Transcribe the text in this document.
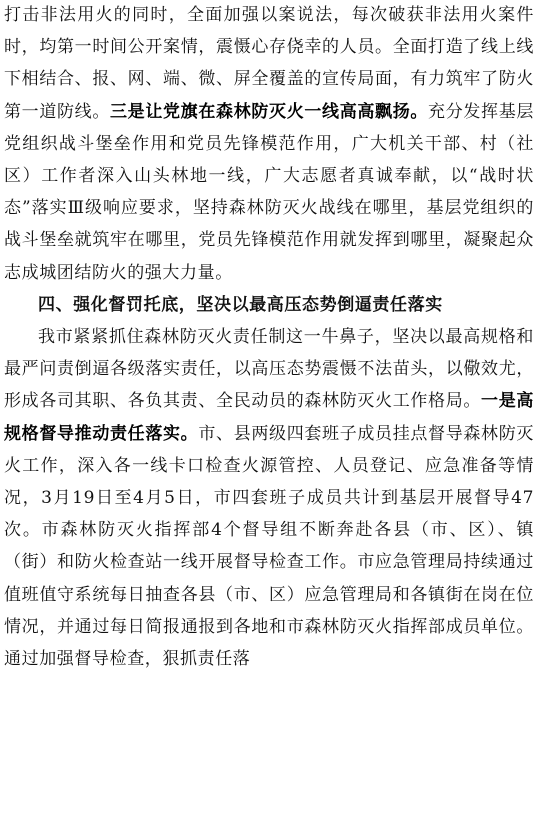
打击非法用火的同时，全面加强以案说法，每次破获非法用火案件时，均第一时间公开案情，震慑心存侥幸的人员。全面打造了线上线下相结合、报、网、端、微、屏全覆盖的宣传局面，有力筑牢了防火第一道防线。三是让党旗在森林防灭火一线高高飘扬。充分发挥基层党组织战斗堡垒作用和党员先锋模范作用，广大机关干部、村（社区）工作者深入山头林地一线，广大志愿者真诚奉献，以“战时状态”落实Ⅲ级响应要求，坚持森林防灭火战线在哪里，基层党组织的战斗堡垒就筑牢在哪里，党员先锋模范作用就发挥到哪里，凝聚起众志成城团结防火的强大力量。

四、强化督罚托底，坚决以最高压态势倒逼责任落实

我市紧紧抓住森林防灭火责任制这一牛鼻子，坚决以最高规格和最严问责倒逼各级落实责任，以高压态势震慑不法苗头，以儆效尤，形成各司其职、各负其责、全民动员的森林防灭火工作格局。一是高规格督导推动责任落实。市、县两级四套班子成员挂点督导森林防灭火工作，深入各一线卡口检查火源管控、人员登记、应急准备等情况，3月19日至4月5日，市四套班子成员共计到基层开展督导47次。市森林防灭火指挥部4个督导组不断奔赴各县（市、区）、镇（街）和防火检查站一线开展督导检查工作。市应急管理局持续通过值班值守系统每日抽查各县（市、区）应急管理局和各镇街在岗在位情况，并通过每日简报通报到各地和市森林防灭火指挥部成员单位。通过加强督导检查，狠抓责任落
